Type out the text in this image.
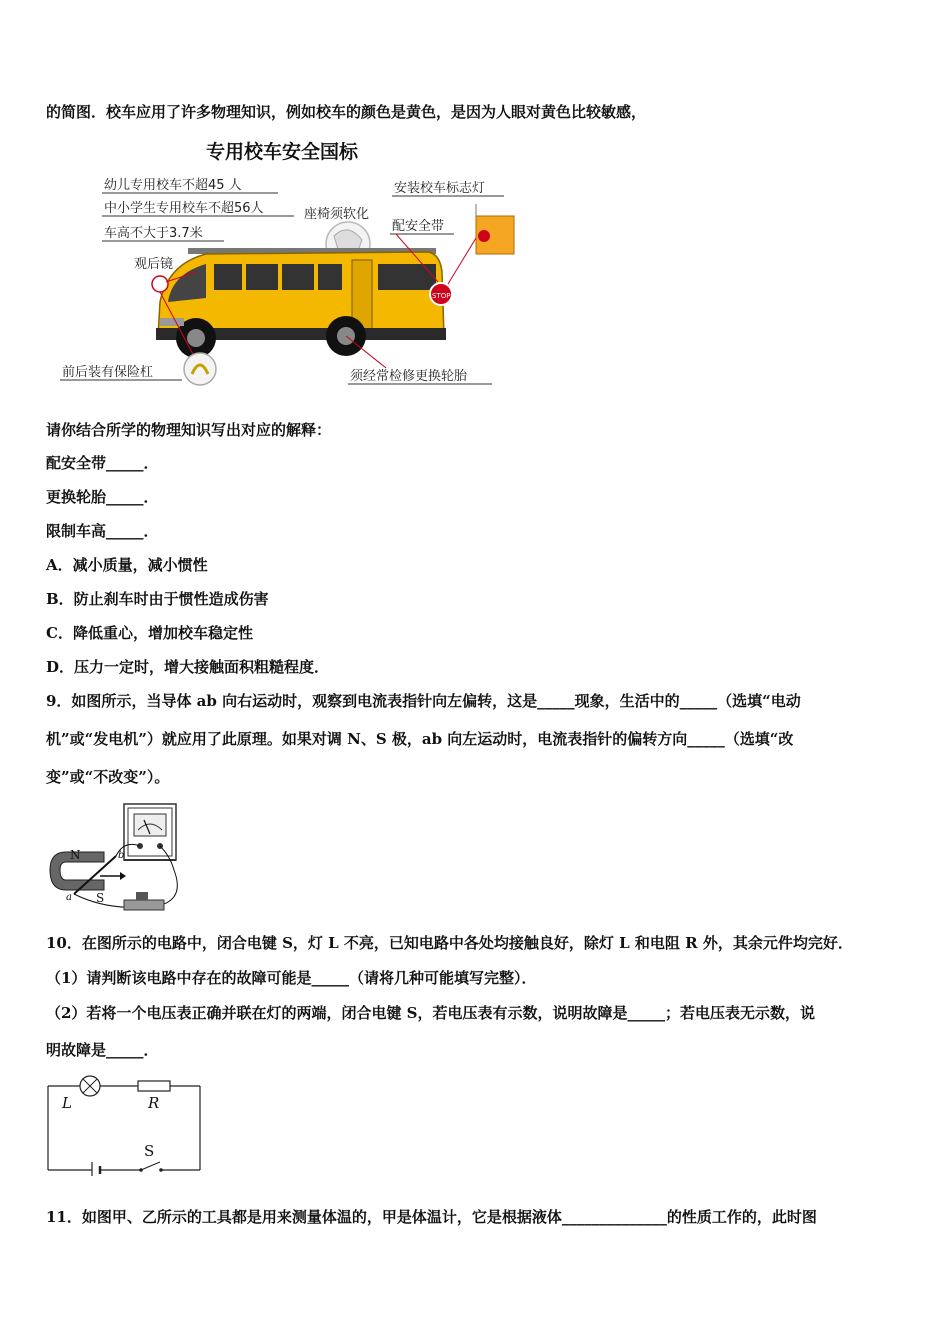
的简图．校车应用了许多物理知识，例如校车的颜色是黄色，是因为人眼对黄色比较敏感，
专用校车安全国标
幼儿专用校车不超45 人
中小学生专用校车不超56人
车高不大于3.7米
安装校车标志灯
座椅须软化
配安全带
观后镜
STOP
前后装有保险杠	须经常检修更换轮胎
请你结合所学的物理知识写出对应的解释：
配安全带_____．
更换轮胎_____．
限制车高_____．
A．减小质量，减小惯性
B．防止刹车时由于惯性造成伤害
C．降低重心，增加校车稳定性
D．压力一定时，增大接触面积粗糙程度．
9．如图所示，当导体 ab 向右运动时，观察到电流表指针向左偏转，这是_____现象，生活中的_____（选填“电动
机”或“发电机”）就应用了此原理。如果对调 N、S 极，ab 向左运动时，电流表指针的偏转方向_____（选填“改
变”或“不改变”）。
N
S
a
b
10．在图所示的电路中，闭合电键 S，灯 L 不亮，已知电路中各处均接触良好，除灯 L 和电阻 R 外，其余元件均完好．
（1）请判断该电路中存在的故障可能是_____（请将几种可能填写完整）．
（2）若将一个电压表正确并联在灯的两端，闭合电键 S，若电压表有示数，说明故障是_____；若电压表无示数，说
明故障是_____．
L	R
S
11．如图甲、乙所示的工具都是用来测量体温的，甲是体温计，它是根据液体______________的性质工作的，此时图
